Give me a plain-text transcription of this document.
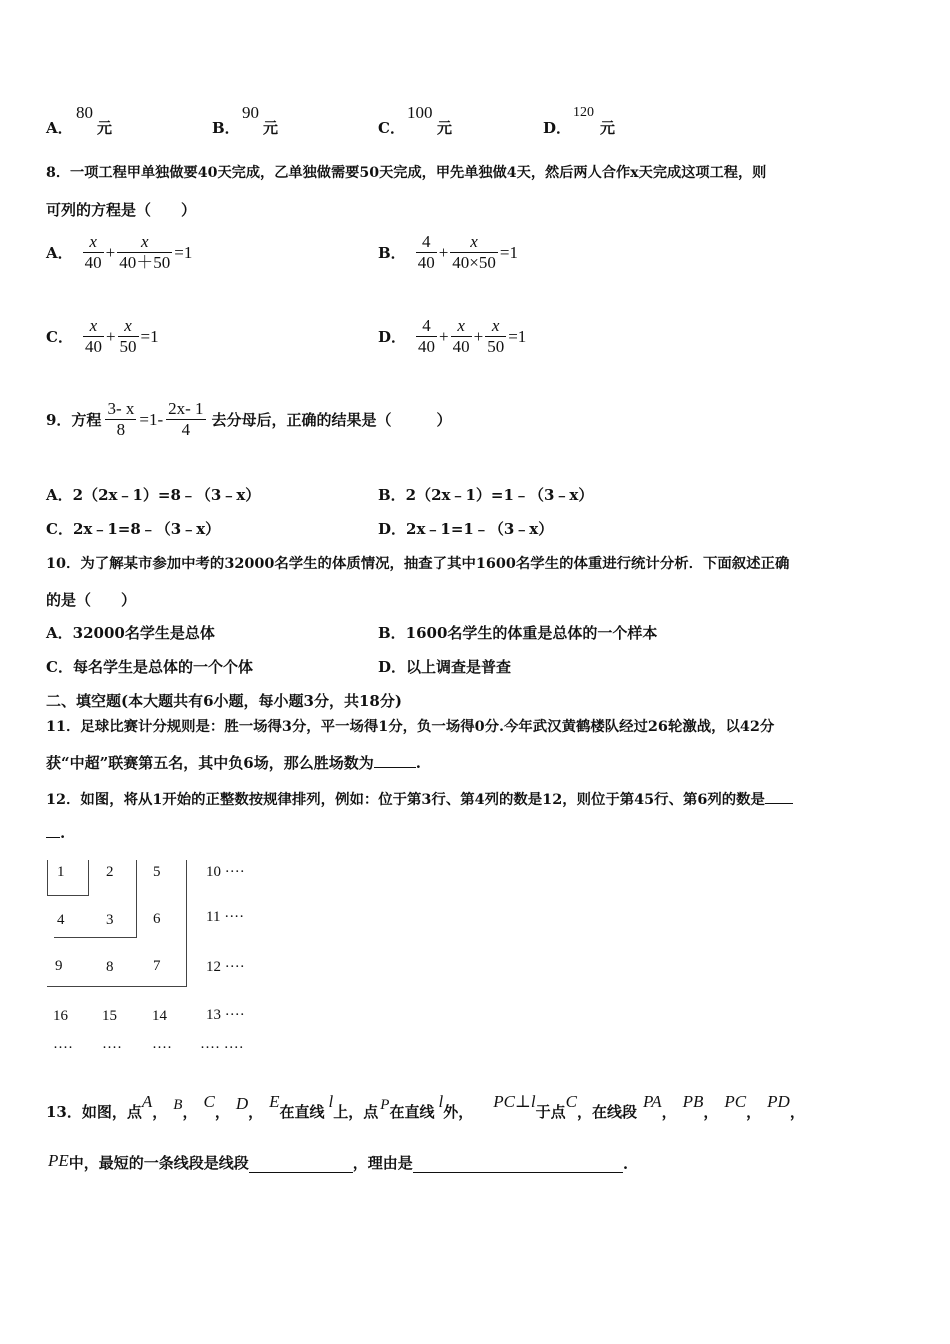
A．
80
元	B．
90
元	C．
100
元	D．
120
元
8．一项工程甲单独做要40天完成，乙单独做需要50天完成，甲先单独做4天，然后两人合作x天完成这项工程，则
可列的方程是（　　）
A． $\frac{x}{40} + \frac{x}{40+50} =1$	B． $\frac{4}{40} + \frac{x}{40\times 50} =1$
C． $\frac{x}{40} + \frac{x}{50} =1$	D． $\frac{4}{40} + \frac{x}{40} + \frac{x}{50} =1$
9．方程 $\frac{3- x}{8} =1- \frac{2x- 1}{4}$ 去分母后，正确的结果是（　　　）
A．2（2x﹣1）=8﹣（3﹣x）	B．2（2x﹣1）=1﹣（3﹣x）
C．2x﹣1=8﹣（3﹣x）	D．2x﹣1=1﹣（3﹣x）
10．为了解某市参加中考的32000名学生的体质情况，抽查了其中1600名学生的体重进行统计分析．下面叙述正确
的是（　　）
A．32000名学生是总体	B．1600名学生的体重是总体的一个样本
C．每名学生是总体的一个个体	D．以上调查是普查
二、填空题(本大题共有6小题，每小题3分，共18分)
11．足球比赛计分规则是：胜一场得3分，平一场得1分，负一场得0分.今年武汉黄鹤楼队经过26轮激战，以42分
获“中超”联赛第五名，其中负6场，那么胜场数为	.
12．如图，将从1开始的正整数按规律排列，例如：位于第3行、第4列的数是12，则位于第45行、第6列的数是
.
1	2	5	10 ····
4	3	6	11 ····
9	8	7	12 ····
16 15 14	13 ····
···· ···· ···· ···· ····
13．如图，点
A
， B ，
C
， D ，
E
在直线
l
上，点 P 在直线
l
外，
PC⊥l
于点
C
，在线段
PA
，
PB
，
PC
，
PD
，
PE 中，最短的一条线段是线段	，理由是	.
